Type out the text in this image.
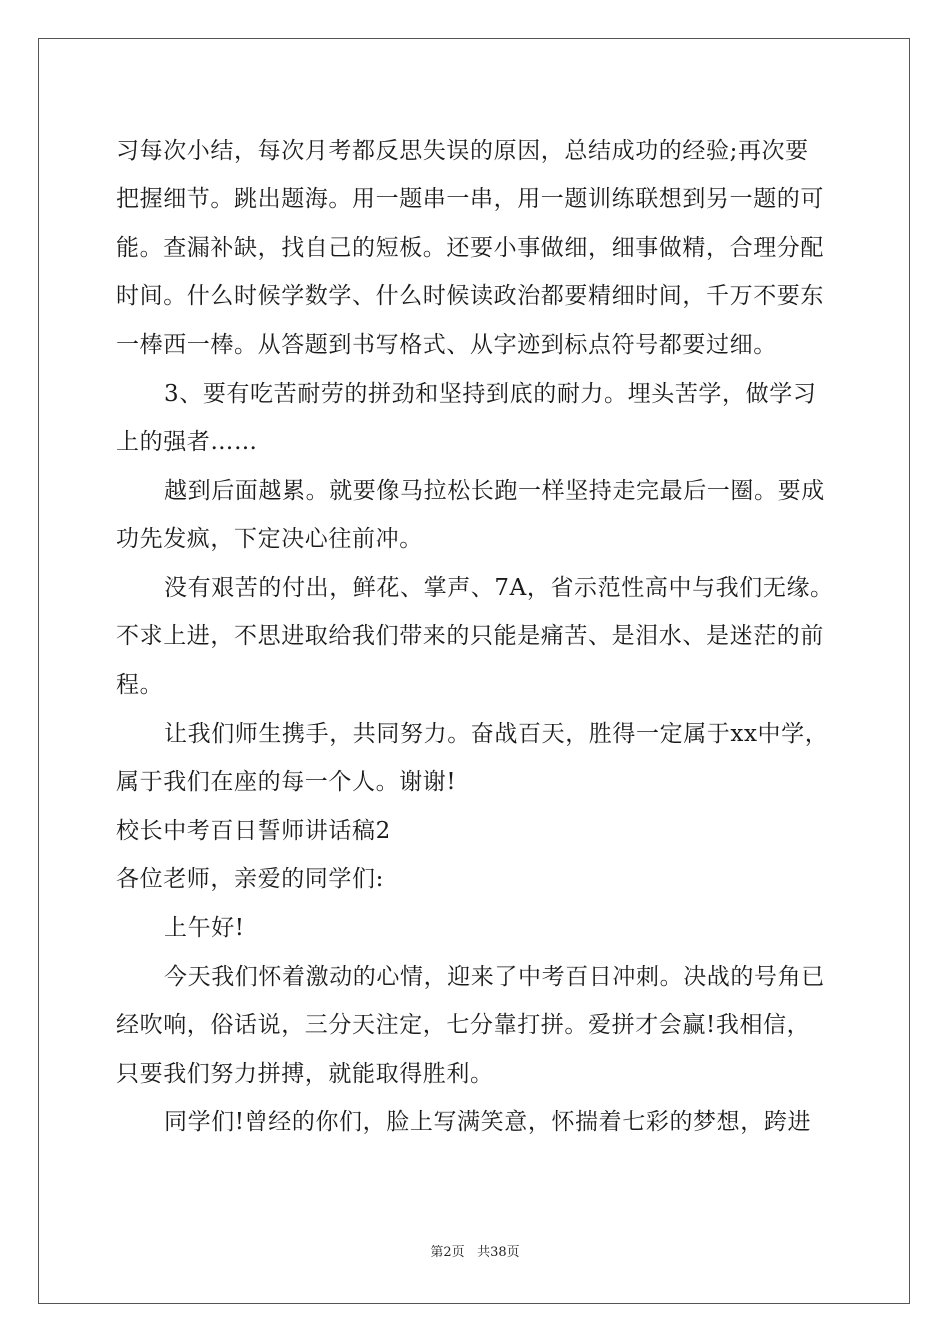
习每次小结，每次月考都反思失误的原因，总结成功的经验;再次要
把握细节。跳出题海。用一题串一串，用一题训练联想到另一题的可
能。查漏补缺，找自己的短板。还要小事做细，细事做精，合理分配
时间。什么时候学数学、什么时候读政治都要精细时间，千万不要东
一棒西一棒。从答题到书写格式、从字迹到标点符号都要过细。
3、要有吃苦耐劳的拼劲和坚持到底的耐力。埋头苦学，做学习
上的强者……
越到后面越累。就要像马拉松长跑一样坚持走完最后一圈。要成
功先发疯，下定决心往前冲。
没有艰苦的付出，鲜花、掌声、7A，省示范性高中与我们无缘。
不求上进，不思进取给我们带来的只能是痛苦、是泪水、是迷茫的前
程。
让我们师生携手，共同努力。奋战百天，胜得一定属于xx中学，
属于我们在座的每一个人。谢谢!
校长中考百日誓师讲话稿2
各位老师，亲爱的同学们:
上午好!
今天我们怀着激动的心情，迎来了中考百日冲刺。决战的号角已
经吹响，俗话说，三分天注定，七分靠打拼。爱拼才会赢!我相信，
只要我们努力拼搏，就能取得胜利。
同学们!曾经的你们，脸上写满笑意，怀揣着七彩的梦想，跨进
第2页 共38页
